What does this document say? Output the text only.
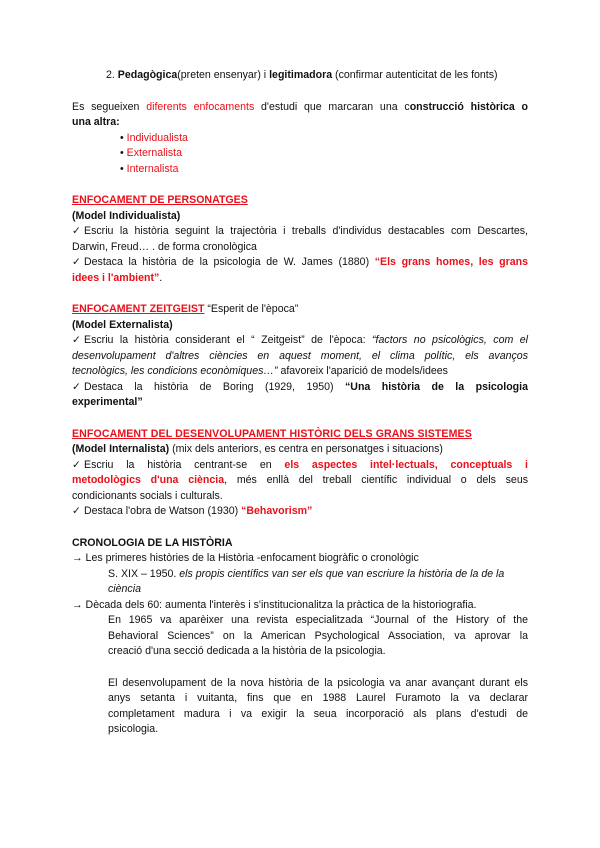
2. Pedagògica(preten ensenyar) i legitimadora (confirmar autenticitat de les fonts)
Es segueixen diferents enfocaments d'estudi que marcaran una construcció històrica o
una altra:
• Individualista
• Externalista
• Internalista
ENFOCAMENT DE PERSONATGES
(Model Individualista)
✓ Escriu la història seguint la trajectòria i treballs d'individus destacables com Descartes,
Darwin, Freud… . de forma cronològica
✓ Destaca la història de la psicologia de W. James (1880) “Els grans homes, les grans
idees i l'ambient”.
ENFOCAMENT ZEITGEIST “Esperit de l'època”
(Model Externalista)
✓ Escriu la història considerant el “ Zeitgeist” de l'època: “factors no psicològics, com el
desenvolupament d'altres ciències en aquest moment, el clima polític, els avanços
tecnològics, les condicions econòmiques…” afavoreix l'aparició de models/idees
✓ Destaca la història de Boring (1929, 1950) “Una història de la psicologia
experimental”
ENFOCAMENT DEL DESENVOLUPAMENT HISTÒRIC DELS GRANS SISTEMES
(Model Internalista) (mix dels anteriors, es centra en personatges i situacions)
✓ Escriu la història centrant-se en els aspectes intel·lectuals, conceptuals i
metodològics d'una ciència, més enllà del treball científic individual o dels seus
condicionants socials i culturals.
✓ Destaca l'obra de Watson (1930) “Behavorism”
CRONOLOGIA DE LA HISTÒRIA
→ Les primeres històries de la Història -enfocament biogràfic o cronològic
S. XIX – 1950. els propis científics van ser els que van escriure la història de la de la
ciència
→ Dècada dels 60: aumenta l'interès i s'institucionalitza la pràctica de la historiografia.
En 1965 va aparèixer una revista especialitzada “Journal of the History of the
Behavioral Sciences” on la American Psychological Association, va aprovar la
creació d'una secció dedicada a la història de la psicologia.
El desenvolupament de la nova història de la psicologia va anar avançant durant els
anys setanta i vuitanta, fins que en 1988 Laurel Furamoto la va declarar
completament madura i va exigir la seua incorporació als plans d'estudi de
psicologia.
